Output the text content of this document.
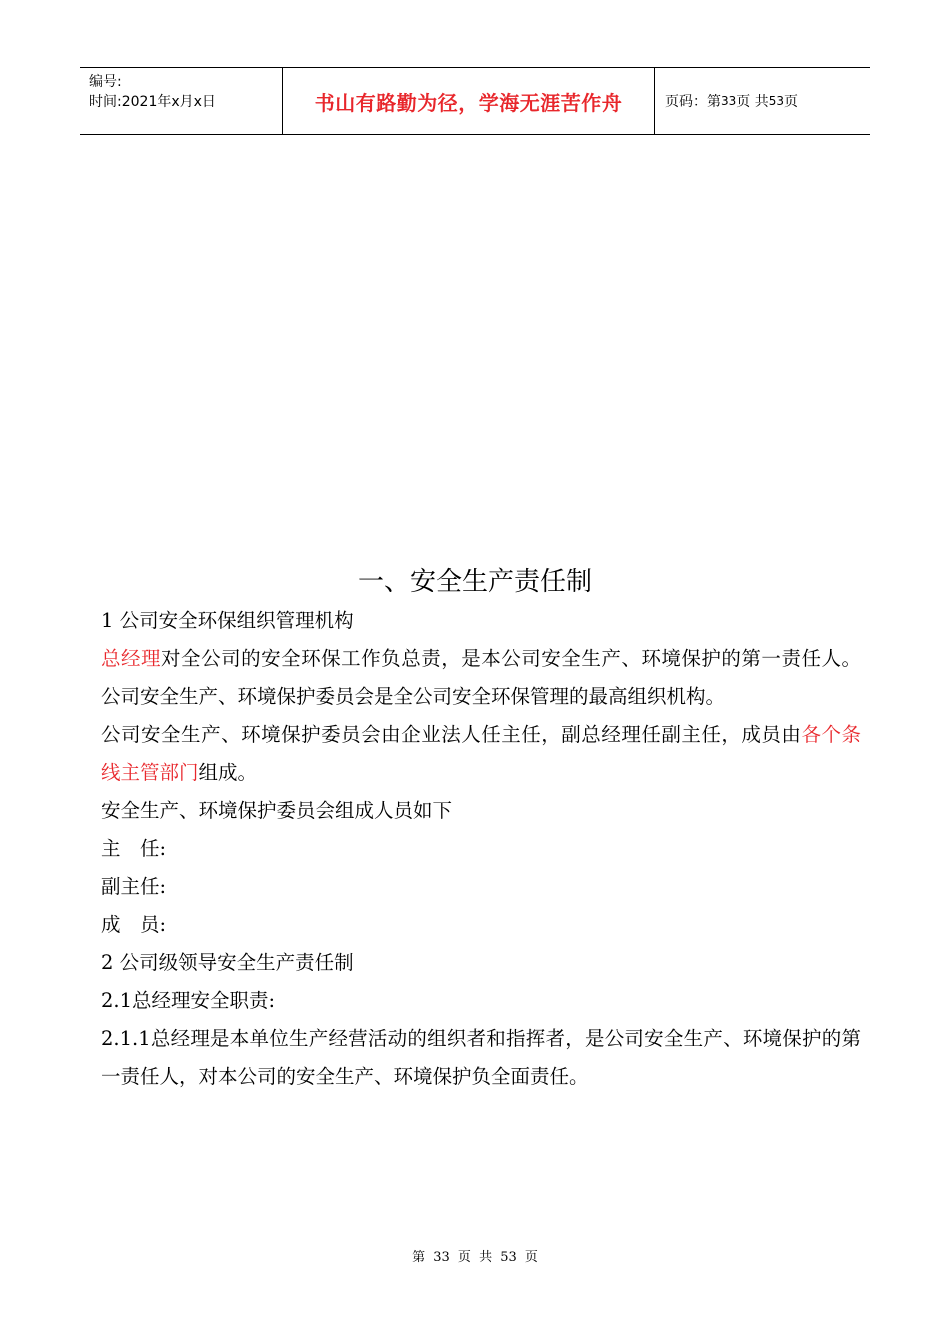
编号:
时间:2021年x月x日	书山有路勤为径，学海无涯苦作舟	页码：第 33 页 共 53 页
一、安全生产责任制

1 公司安全环保组织管理机构

总经理对全公司的安全环保工作负总责，是本公司安全生产、环境保护的第一责任人。公司安全生产、环境保护委员会是全公司安全环保管理的最高组织机构。

公司安全生产、环境保护委员会由企业法人任主任，副总经理任副主任，成员由各个条线主管部门组成。

安全生产、环境保护委员会组成人员如下

主　任:

副主任:

成　员:

2 公司级领导安全生产责任制

2.1总经理安全职责:

2.1.1总经理是本单位生产经营活动的组织者和指挥者，是公司安全生产、环境保护的第一责任人，对本公司的安全生产、环境保护负全面责任。

第 33 页 共 53 页
